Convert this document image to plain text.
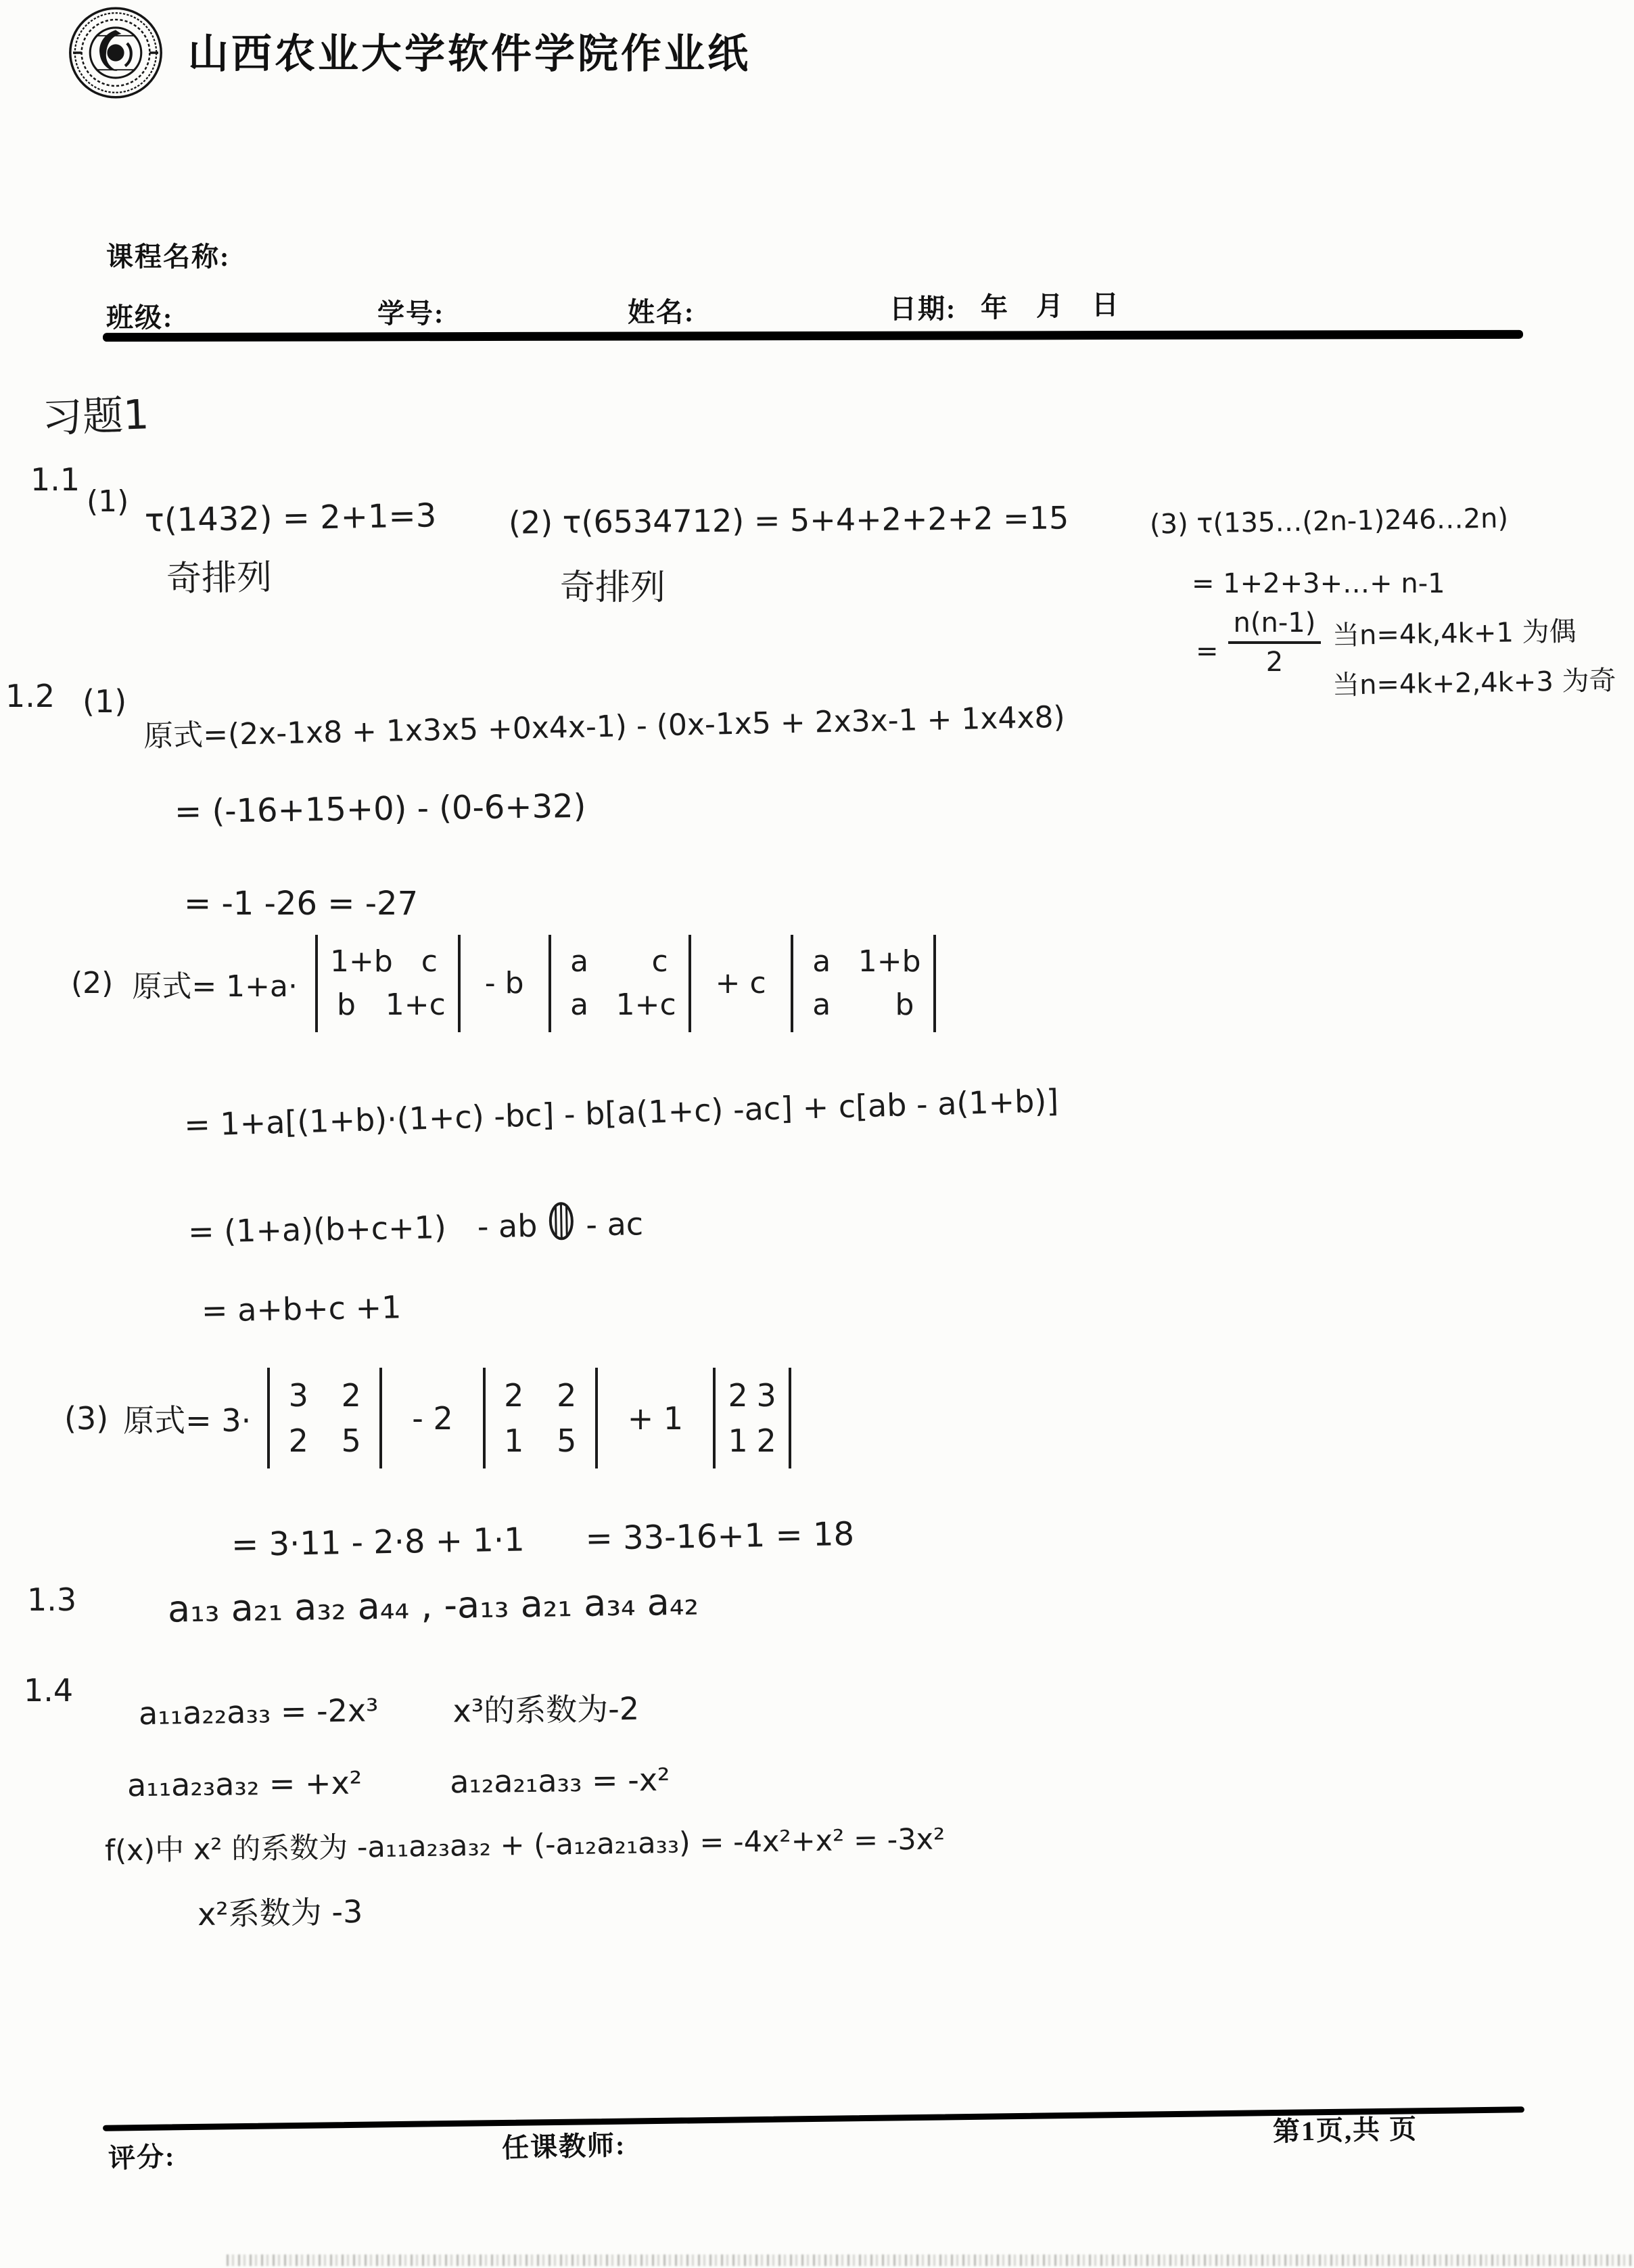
山西农业大学软件学院作业纸
课程名称:
班级:	学号:	姓名:	日期: 年 月 日
习题1
1.1
(1) τ(1432) = 2+1=3
奇排列
(2) τ(6534712) = 5+4+2+2+2 =15
奇排列
(3) τ(135…(2n-1)246…2n)
= 1+2+3+…+ n-1
= $\frac{n(n-1)}{2}$ 当n=4k,4k+1 为偶
当n=4k+2,4k+3 为奇
1.2 (1) 原式=(2x-1x8 + 1x3x5 +0x4x-1) - (0x-1x5 + 2x3x-1 + 1x4x8)
= (-16+15+0) - (0-6+32)
= -1 -26 = -27
(2) 原式= 1+a·
1+b c
b 1+c
- b
a c
a 1+c
+ c
a 1+b
a b
= 1+a[(1+b)·(1+c) -bc] - b[a(1+c) -ac] + c[ab - a(1+b)]
= (1+a)(b+c+1) - ab - ac
= a+b+c +1
(3) 原式= 3·
3 2
2 5
- 2
2 2
1 5
+ 1
2 3
1 2
= 3·11 - 2·8 + 1·1 = 33-16+1 = 18
1.3 a₁₃ a₂₁ a₃₂ a₄₄ , -a₁₃ a₂₁ a₃₄ a₄₂
1.4
a₁₁a₂₂a₃₃ = -2x³ x³的系数为-2
a₁₁a₂₃a₃₂ = +x²	a₁₂a₂₁a₃₃ = -x²
f(x)中 x² 的系数为 -a₁₁a₂₃a₃₂ + (-a₁₂a₂₁a₃₃) = -4x²+x² = -3x²
x²系数为 -3
评分:	任课教师:	第1页,共 页
